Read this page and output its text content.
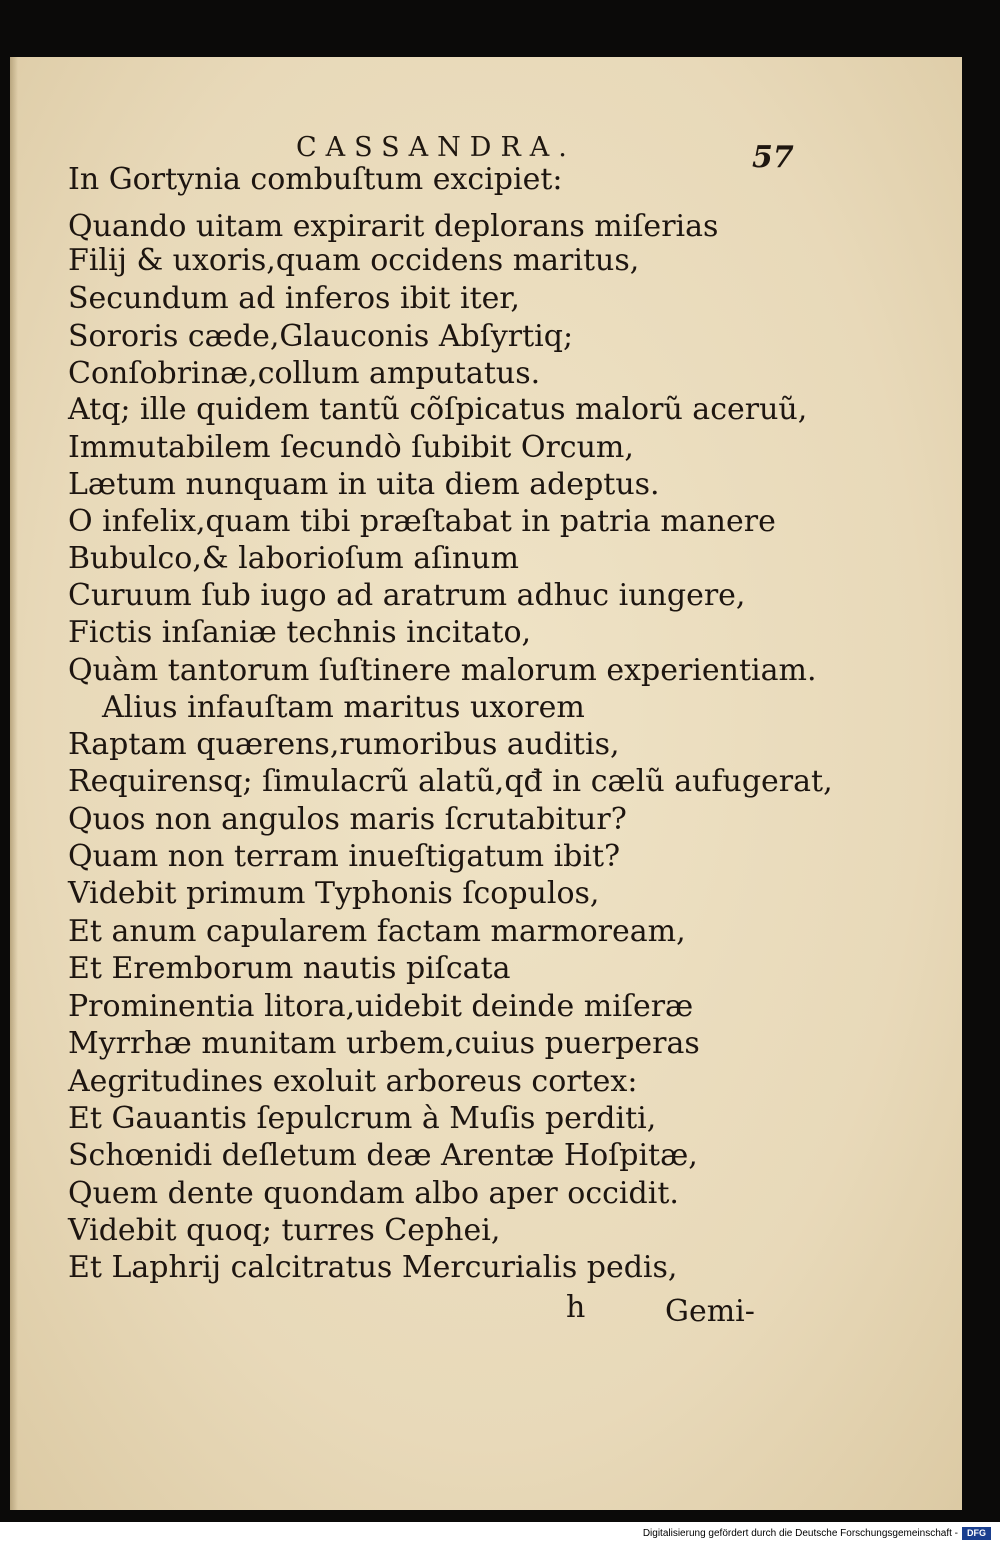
CASSANDRA.	57
In Gortynia combuſtum excipiet:
Quando uitam expirarit deplorans miſerias
Filij & uxoris,quam occidens maritus,
Secundum ad inferos ibit iter,
Sororis cæde,Glauconis Abſyrtiq;
Conſobrinæ,collum amputatus.
Atq; ille quidem tantũ cõſpicatus malorũ aceruũ,
Immutabilem ſecundò ſubibit Orcum,
Lætum nunquam in uita diem adeptus.
O infelix,quam tibi præſtabat in patria manere
Bubulco,& laborioſum aſinum
Curuum ſub iugo ad aratrum adhuc iungere,
Fictis inſaniæ technis incitato,
Quàm tantorum ſuſtinere malorum experientiam.
Alius infauſtam maritus uxorem
Raptam quærens,rumoribus auditis,
Requirensq; ſimulacrũ alatũ,qđ in cælũ aufugerat,
Quos non angulos maris ſcrutabitur?
Quam non terram inueſtigatum ibit?
Videbit primum Typhonis ſcopulos,
Et anum capularem factam marmoream,
Et Eremborum nautis piſcata
Prominentia litora,uidebit deinde miſeræ
Myrrhæ munitam urbem,cuius puerperas
Aegritudines exoluit arboreus cortex:
Et Gauantis ſepulcrum à Muſis perditi,
Schœnidi deſletum deæ Arentæ Hoſpitæ,
Quem dente quondam albo aper occidit.
Videbit quoq; turres Cephei,
Et Laphrij calcitratus Mercurialis pedis,
h	Gemi-
Digitalisierung gefördert durch die Deutsche Forschungsgemeinschaft -	DFG
